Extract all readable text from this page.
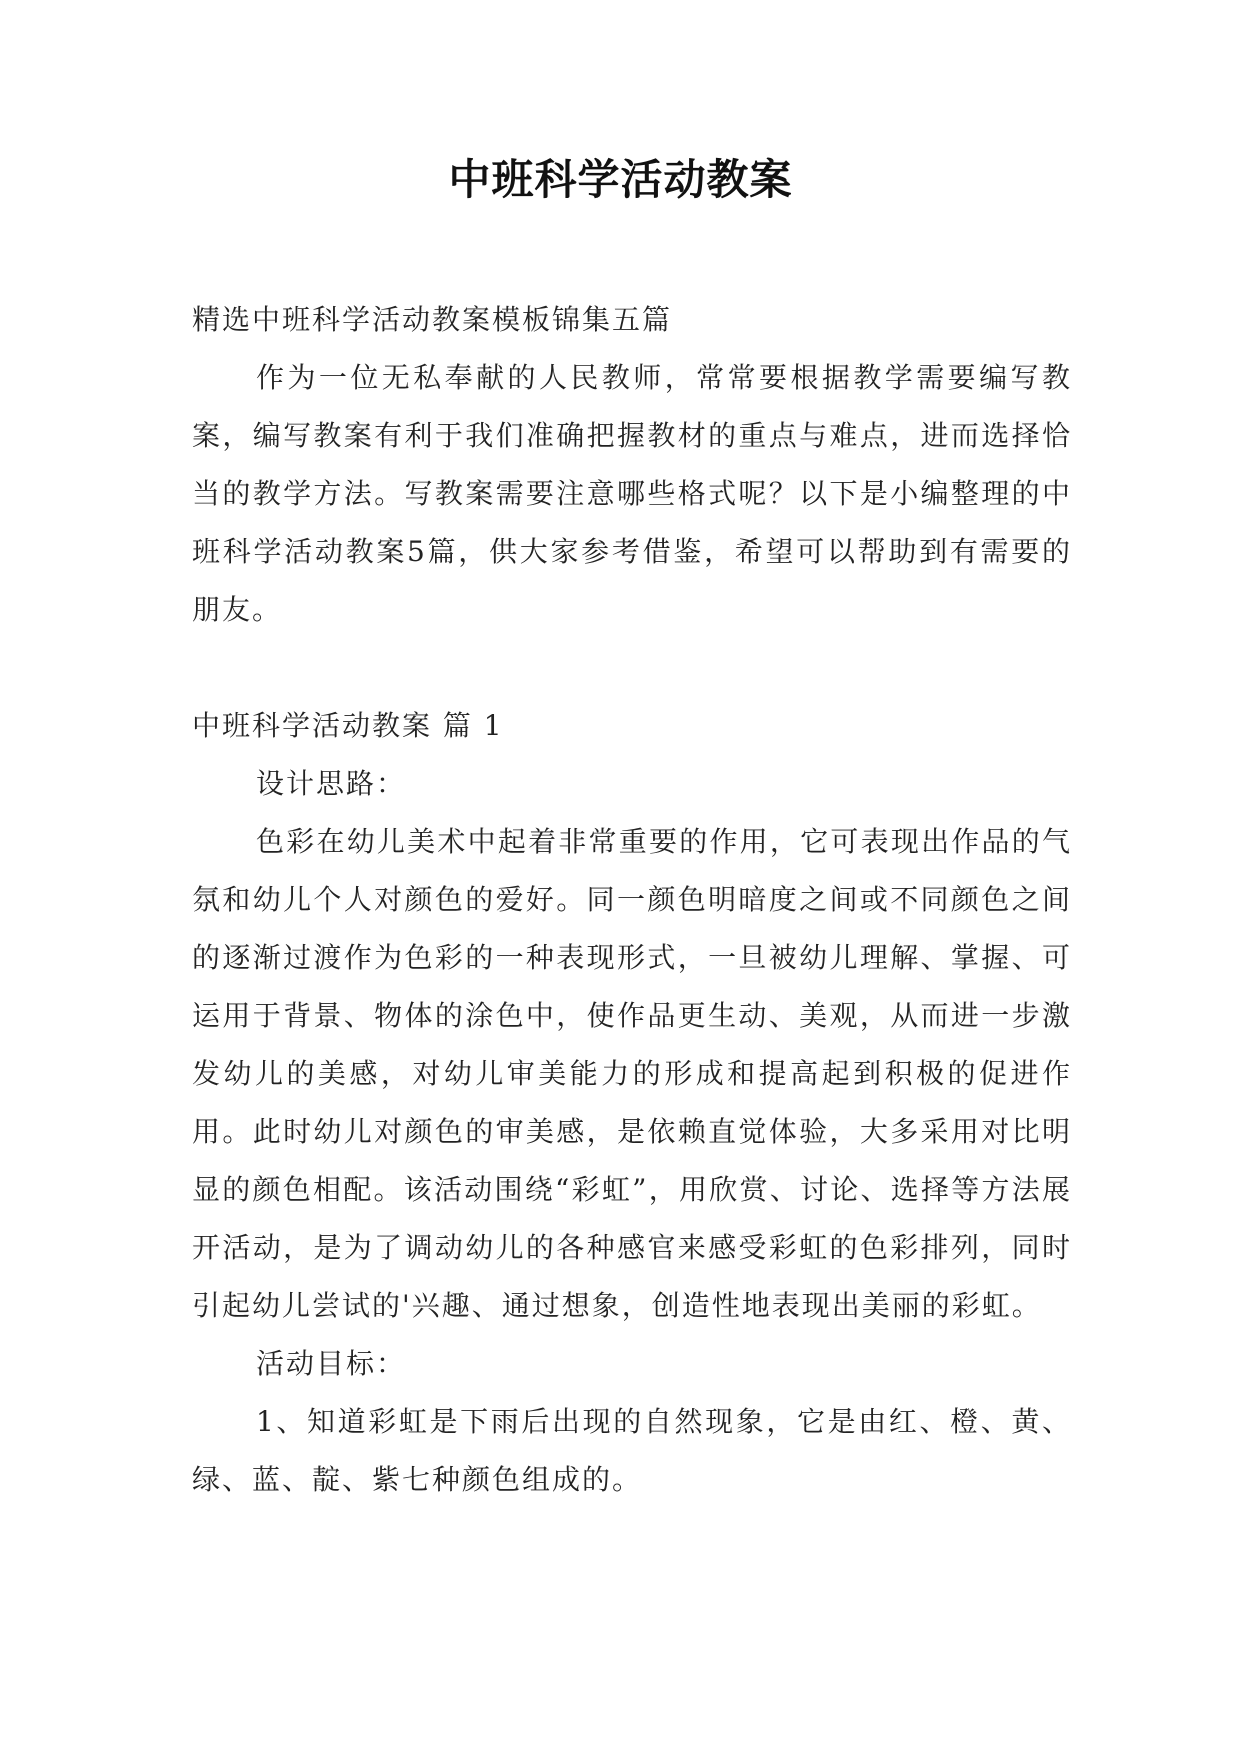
中班科学活动教案

精选中班科学活动教案模板锦集五篇

作为一位无私奉献的人民教师，常常要根据教学需要编写教案，编写教案有利于我们准确把握教材的重点与难点，进而选择恰当的教学方法。写教案需要注意哪些格式呢？以下是小编整理的中班科学活动教案5篇，供大家参考借鉴，希望可以帮助到有需要的朋友。

中班科学活动教案 篇 1

设计思路：

色彩在幼儿美术中起着非常重要的作用，它可表现出作品的气氛和幼儿个人对颜色的爱好。同一颜色明暗度之间或不同颜色之间的逐渐过渡作为色彩的一种表现形式，一旦被幼儿理解、掌握、可运用于背景、物体的涂色中，使作品更生动、美观，从而进一步激发幼儿的美感，对幼儿审美能力的形成和提高起到积极的促进作用。此时幼儿对颜色的审美感，是依赖直觉体验，大多采用对比明显的颜色相配。该活动围绕“彩虹”，用欣赏、讨论、选择等方法展开活动，是为了调动幼儿的各种感官来感受彩虹的色彩排列，同时引起幼儿尝试的'兴趣、通过想象，创造性地表现出美丽的彩虹。

活动目标：

1、知道彩虹是下雨后出现的自然现象，它是由红、橙、黄、绿、蓝、靛、紫七种颜色组成的。
